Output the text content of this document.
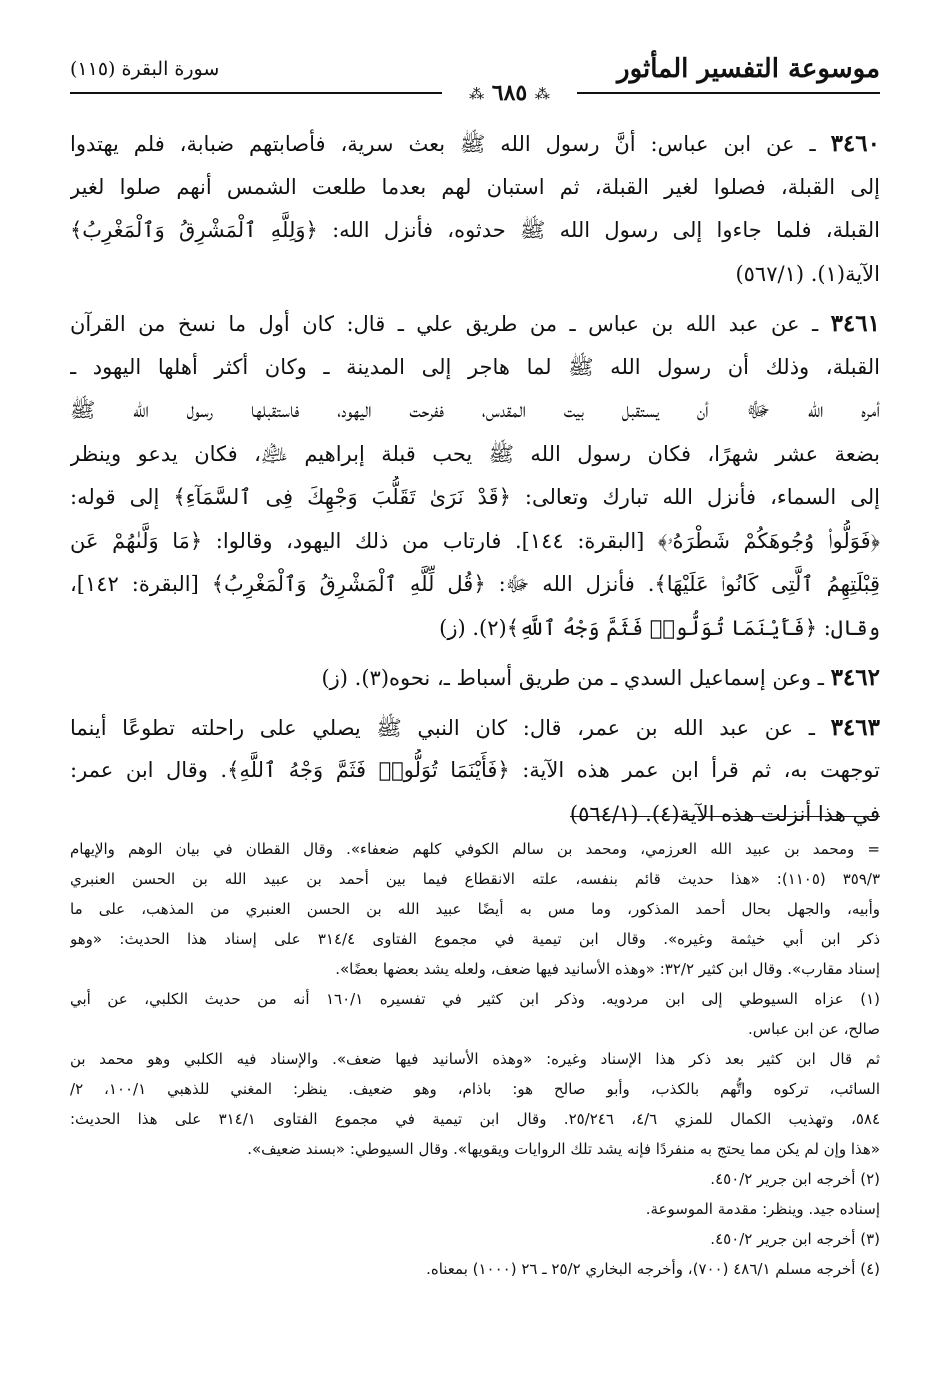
موسوعة التفسير المأثور
⁂ ٦٨٥ ⁂
سورة البقرة (١١٥)
٣٤٦٠ ـ عن ابن عباس: أنَّ رسول الله ﷺ بعث سرية، فأصابتهم ضبابة، فلم يهتدوا
إلى القبلة، فصلوا لغير القبلة، ثم استبان لهم بعدما طلعت الشمس أنهم صلوا لغير
القبلة، فلما جاءوا إلى رسول الله ﷺ حدثوه، فأنزل الله: ﴿وَلِلَّهِ ٱلْمَشْرِقُ وَٱلْمَغْرِبُ﴾
الآية(١). (٥٦٧/١)
٣٤٦١ ـ عن عبد الله بن عباس ـ من طريق علي ـ قال: كان أول ما نسخ من القرآن
القبلة، وذلك أن رسول الله ﷺ لما هاجر إلى المدينة ـ وكان أكثر أهلها اليهود ـ
أمره الله ﷻ أن يستقبل بيت المقدس، ففرحت اليهود، فاستقبلها رسول الله ﷺ
بضعة عشر شهرًا، فكان رسول الله ﷺ يحب قبلة إبراهيم ﵇، فكان يدعو وينظر
إلى السماء، فأنزل الله تبارك وتعالى: ﴿قَدْ نَرَىٰ تَقَلُّبَ وَجْهِكَ فِى ٱلسَّمَآءِ﴾ إلى قوله:
﴿فَوَلُّوا۟ وُجُوهَكُمْ شَطْرَهُۥ﴾ [البقرة: ١٤٤]. فارتاب من ذلك اليهود، وقالوا: ﴿مَا وَلَّىٰهُمْ عَن
قِبْلَتِهِمُ ٱلَّتِى كَانُوا۟ عَلَيْهَا﴾. فأنزل الله ﷻ: ﴿قُل لِّلَّهِ ٱلْمَشْرِقُ وَٱلْمَغْرِبُ﴾ [البقرة: ١٤٢]،
وقال: ﴿فَأَيْنَمَا تُوَلُّوا۟ فَثَمَّ وَجْهُ ٱللَّهِ﴾(٢). (ز)
٣٤٦٢ ـ وعن إسماعيل السدي ـ من طريق أسباط ـ، نحوه(٣). (ز)
٣٤٦٣ ـ عن عبد الله بن عمر، قال: كان النبي ﷺ يصلي على راحلته تطوعًا أينما
توجهت به، ثم قرأ ابن عمر هذه الآية: ﴿فَأَيْنَمَا تُوَلُّوا۟ فَثَمَّ وَجْهُ ٱللَّهِ﴾. وقال ابن عمر:
في هذا أنزلت هذه الآية(٤). (٥٦٤/١)
= ومحمد بن عبيد الله العرزمي، ومحمد بن سالم الكوفي كلهم ضعفاء». وقال القطان في بيان الوهم والإيهام
٣٥٩/٣ (١١٠٥): «هذا حديث قائم بنفسه، علته الانقطاع فيما بين أحمد بن عبيد الله بن الحسن العنبري
وأبيه، والجهل بحال أحمد المذكور، وما مس به أيضًا عبيد الله بن الحسن العنبري من المذهب، على ما
ذكر ابن أبي خيثمة وغيره». وقال ابن تيمية في مجموع الفتاوى ٣١٤/٤ على إسناد هذا الحديث: «وهو
إسناد مقارب». وقال ابن كثير ٣٢/٢: «وهذه الأسانيد فيها ضعف، ولعله يشد بعضها بعضًا».
(١) عزاه السيوطي إلى ابن مردويه. وذكر ابن كثير في تفسيره ١٦٠/١ أنه من حديث الكلبي، عن أبي
صالح، عن ابن عباس.
ثم قال ابن كثير بعد ذكر هذا الإسناد وغيره: «وهذه الأسانيد فيها ضعف». والإسناد فيه الكلبي وهو محمد بن
السائب، تركوه واتُّهم بالكذب، وأبو صالح هو: باذام، وهو ضعيف. ينظر: المغني للذهبي ١٠٠/١، ٢/
٥٨٤، وتهذيب الكمال للمزي ٤/٦، ٢٥/٢٤٦. وقال ابن تيمية في مجموع الفتاوى ٣١٤/١ على هذا الحديث:
«هذا وإن لم يكن مما يحتج به منفردًا فإنه يشد تلك الروايات ويقويها». وقال السيوطي: «بسند ضعيف».
(٢) أخرجه ابن جرير ٤٥٠/٢.
إسناده جيد. وينظر: مقدمة الموسوعة.
(٣) أخرجه ابن جرير ٤٥٠/٢.
(٤) أخرجه مسلم ٤٨٦/١ (٧٠٠)، وأخرجه البخاري ٢٥/٢ ـ ٢٦ (١٠٠٠) بمعناه.
